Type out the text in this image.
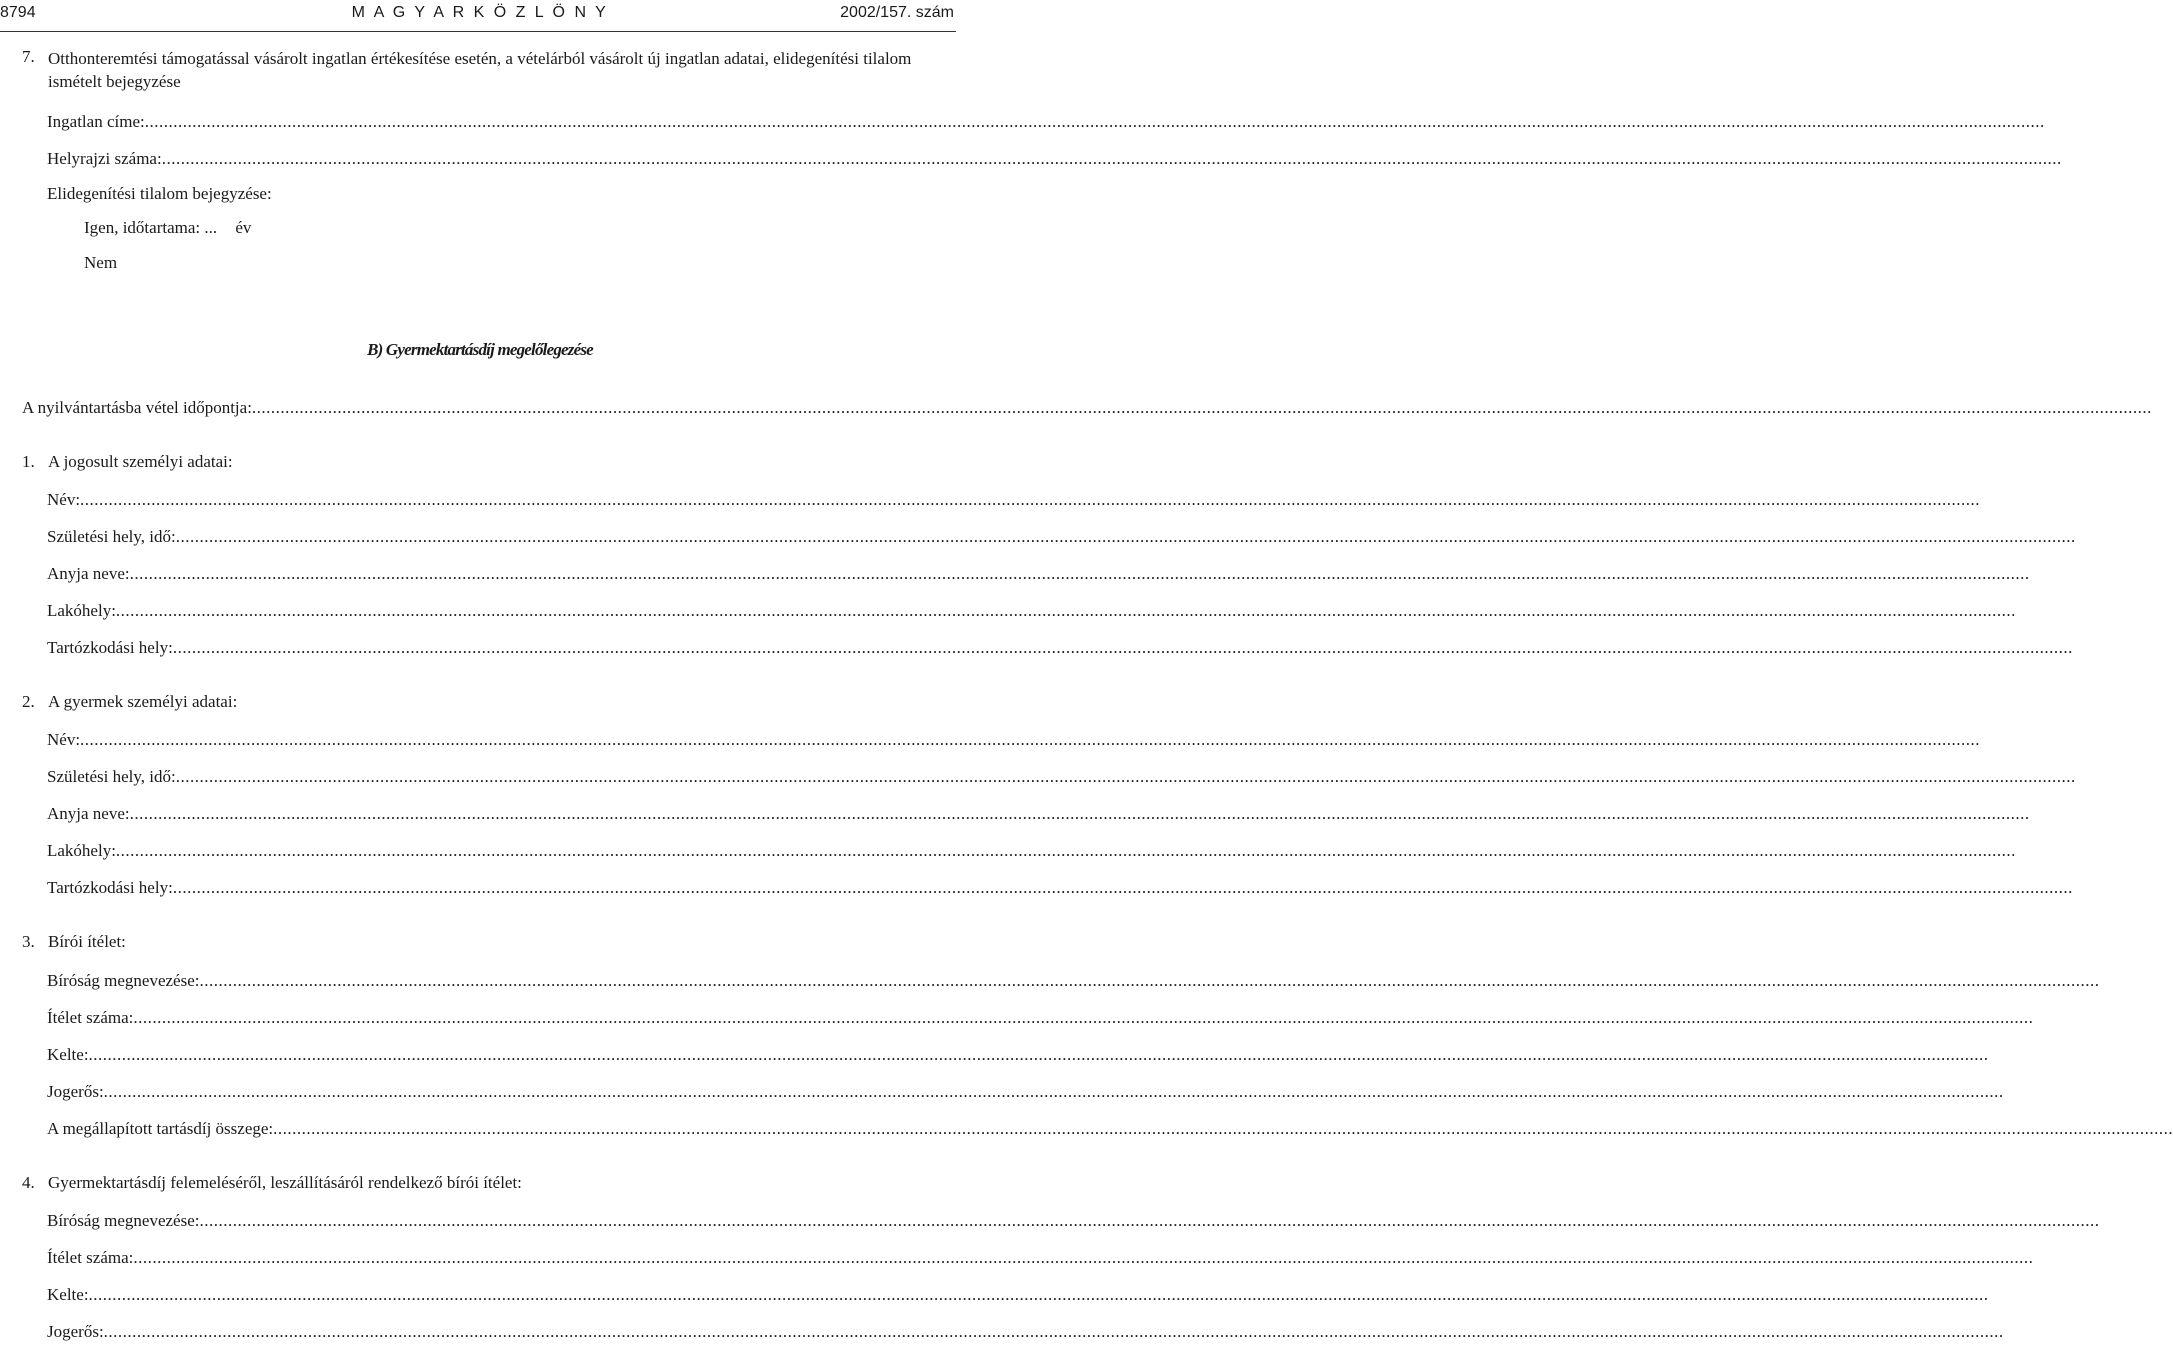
8794	M A G Y A R K Ö Z L Ö N Y	2002/157. szám
7. Otthonteremtési támogatással vásárolt ingatlan értékesítése esetén, a vételárból vásárolt új ingatlan adatai, elidegenítési tilalom ismételt bejegyzése
Ingatlan címe: ................................................................................................................................................................................................................................................................................................................................................................................................................
Helyrajzi száma: ................................................................................................................................................................................................................................................................................................................................................................................................................
Elidegenítési tilalom bejegyzése:
Igen, időtartama: ... év
Nem
B) Gyermektartásdíj megelőlegezése
A nyilvántartásba vétel időpontja: ................................................................................................................................................................................................................................................................................................................................................................................................................
1. A jogosult személyi adatai:
Név: ................................................................................................................................................................................................................................................................................................................................................................................................................
Születési hely, idő: ................................................................................................................................................................................................................................................................................................................................................................................................................
Anyja neve: ................................................................................................................................................................................................................................................................................................................................................................................................................
Lakóhely: ................................................................................................................................................................................................................................................................................................................................................................................................................
Tartózkodási hely: ................................................................................................................................................................................................................................................................................................................................................................................................................
2. A gyermek személyi adatai:
Név: ................................................................................................................................................................................................................................................................................................................................................................................................................
Születési hely, idő: ................................................................................................................................................................................................................................................................................................................................................................................................................
Anyja neve: ................................................................................................................................................................................................................................................................................................................................................................................................................
Lakóhely: ................................................................................................................................................................................................................................................................................................................................................................................................................
Tartózkodási hely: ................................................................................................................................................................................................................................................................................................................................................................................................................
3. Bírói ítélet:
Bíróság megnevezése: ................................................................................................................................................................................................................................................................................................................................................................................................................
Ítélet száma: ................................................................................................................................................................................................................................................................................................................................................................................................................
Kelte: ................................................................................................................................................................................................................................................................................................................................................................................................................
Jogerős: ................................................................................................................................................................................................................................................................................................................................................................................................................
A megállapított tartásdíj összege: ................................................................................................................................................................................................................................................................................................................................................................................................................
4. Gyermektartásdíj felemeléséről, leszállításáról rendelkező bírói ítélet:
Bíróság megnevezése: ................................................................................................................................................................................................................................................................................................................................................................................................................
Ítélet száma: ................................................................................................................................................................................................................................................................................................................................................................................................................
Kelte: ................................................................................................................................................................................................................................................................................................................................................................................................................
Jogerős: ................................................................................................................................................................................................................................................................................................................................................................................................................
